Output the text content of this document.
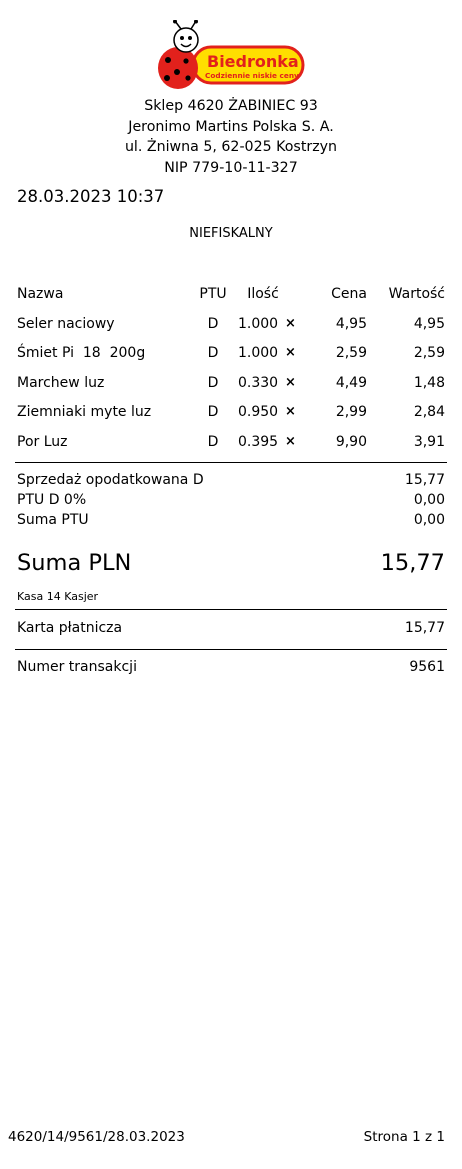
Biedronka
Codziennie niskie ceny
Sklep 4620 ŻABINIEC 93
Jeronimo Martins Polska S. A.
ul. Żniwna 5, 62-025 Kostrzyn
NIP 779-10-11-327
28.03.2023 10:37
NIEFISKALNY
Nazwa	PTU	Ilość	Cena Wartość
Seler naciowy	D	1.000 ×	4,95	4,95
Śmiet Pi  18  200g	D	1.000 ×	2,59	2,59
Marchew luz	D	0.330 ×	4,49	1,48
Ziemniaki myte luz	D	0.950 ×	2,99	2,84
Por Luz	D	0.395 ×	9,90	3,91
Sprzedaż opodatkowana D	15,77
PTU D 0%	0,00
Suma PTU	0,00
Suma PLN	15,77
Kasa 14 Kasjer
Karta płatnicza	15,77
Numer transakcji	9561
4620/14/9561/28.03.2023	Strona 1 z 1
